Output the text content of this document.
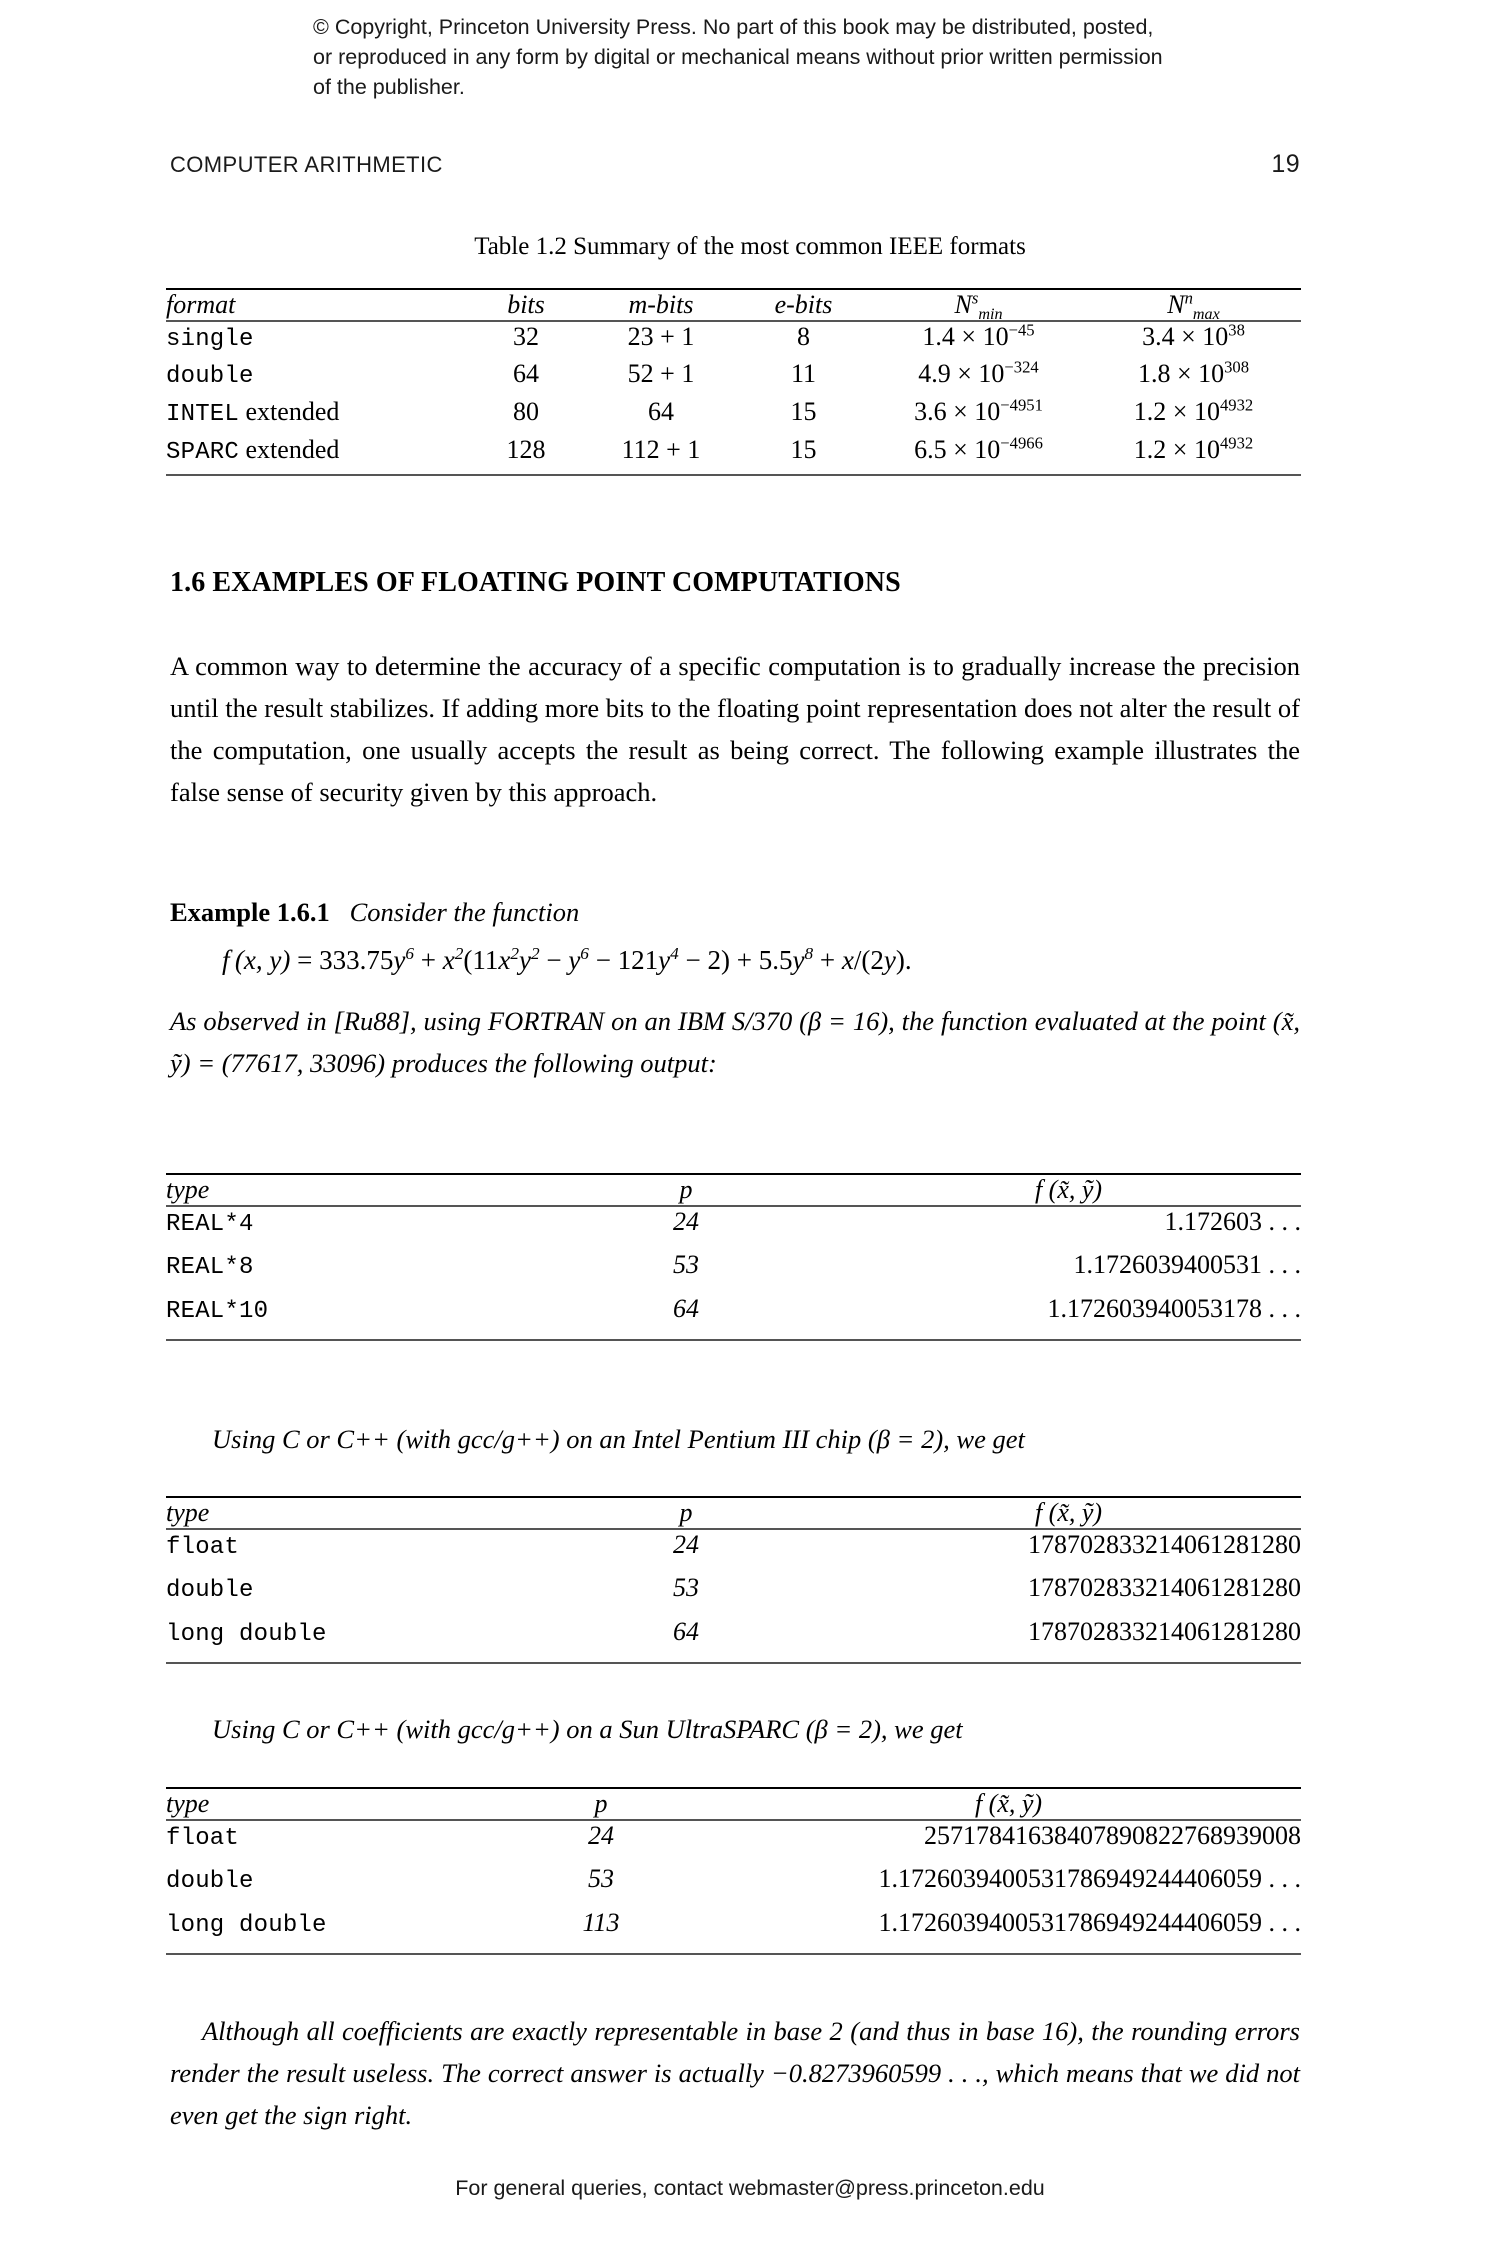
© Copyright, Princeton University Press. No part of this book may be distributed, posted, or reproduced in any form by digital or mechanical means without prior written permission of the publisher.
COMPUTER ARITHMETIC	19
Table 1.2 Summary of the most common IEEE formats
format	bits	m-bits	e-bits	$N^s_{min}$	$N^n_{max}$
single	32	23 + 1	8	$1.4 \times 10^{-45}$	$3.4 \times 10^{38}$
double	64	52 + 1	11	$4.9 \times 10^{-324}$	$1.8 \times 10^{308}$
INTEL extended	80	64	15	$3.6 \times 10^{-4951}$	$1.2 \times 10^{4932}$
SPARC extended	128	112 + 1	15	$6.5 \times 10^{-4966}$	$1.2 \times 10^{4932}$
1.6 EXAMPLES OF FLOATING POINT COMPUTATIONS
A common way to determine the accuracy of a specific computation is to gradually increase the precision until the result stabilizes. If adding more bits to the floating point representation does not alter the result of the computation, one usually accepts the result as being correct. The following example illustrates the false sense of security given by this approach.
Example 1.6.1 Consider the function
f (x, $y) = 333.75y^6 + x^2(11x^2y^2 - y^6 - 121y^4 - 2) + 5.5y^8 + x/(2y)$.
As observed in [Ru88], using FORTRAN on an IBM S/370 (β = 16), the function evaluated at the point (x̃, ỹ) = (77617, 33096) produces the following output:
type	p	f (x̃, ỹ)
REAL*4	24	1.172603 . . .
REAL*8	53	1.1726039400531 . . .
REAL*10	64	1.172603940053178 . . .
Using C or C++ (with gcc/g++) on an Intel Pentium III chip (β = 2), we get
type	p	f (x̃, ỹ)
float	24	178702833214061281280
double	53	178702833214061281280
long double	64	178702833214061281280
Using C or C++ (with gcc/g++) on a Sun UltraSPARC (β = 2), we get
type	p	f (x̃, ỹ)
float	24	25717841638407890822768939008
double	53	1.1726039400531786949244406059 . . .
long double	113	1.1726039400531786949244406059 . . .
Although all coefficients are exactly representable in base 2 (and thus in base 16), the rounding errors render the result useless. The correct answer is actually −0.8273960599 . . ., which means that we did not even get the sign right.
For general queries, contact webmaster@press.princeton.edu
